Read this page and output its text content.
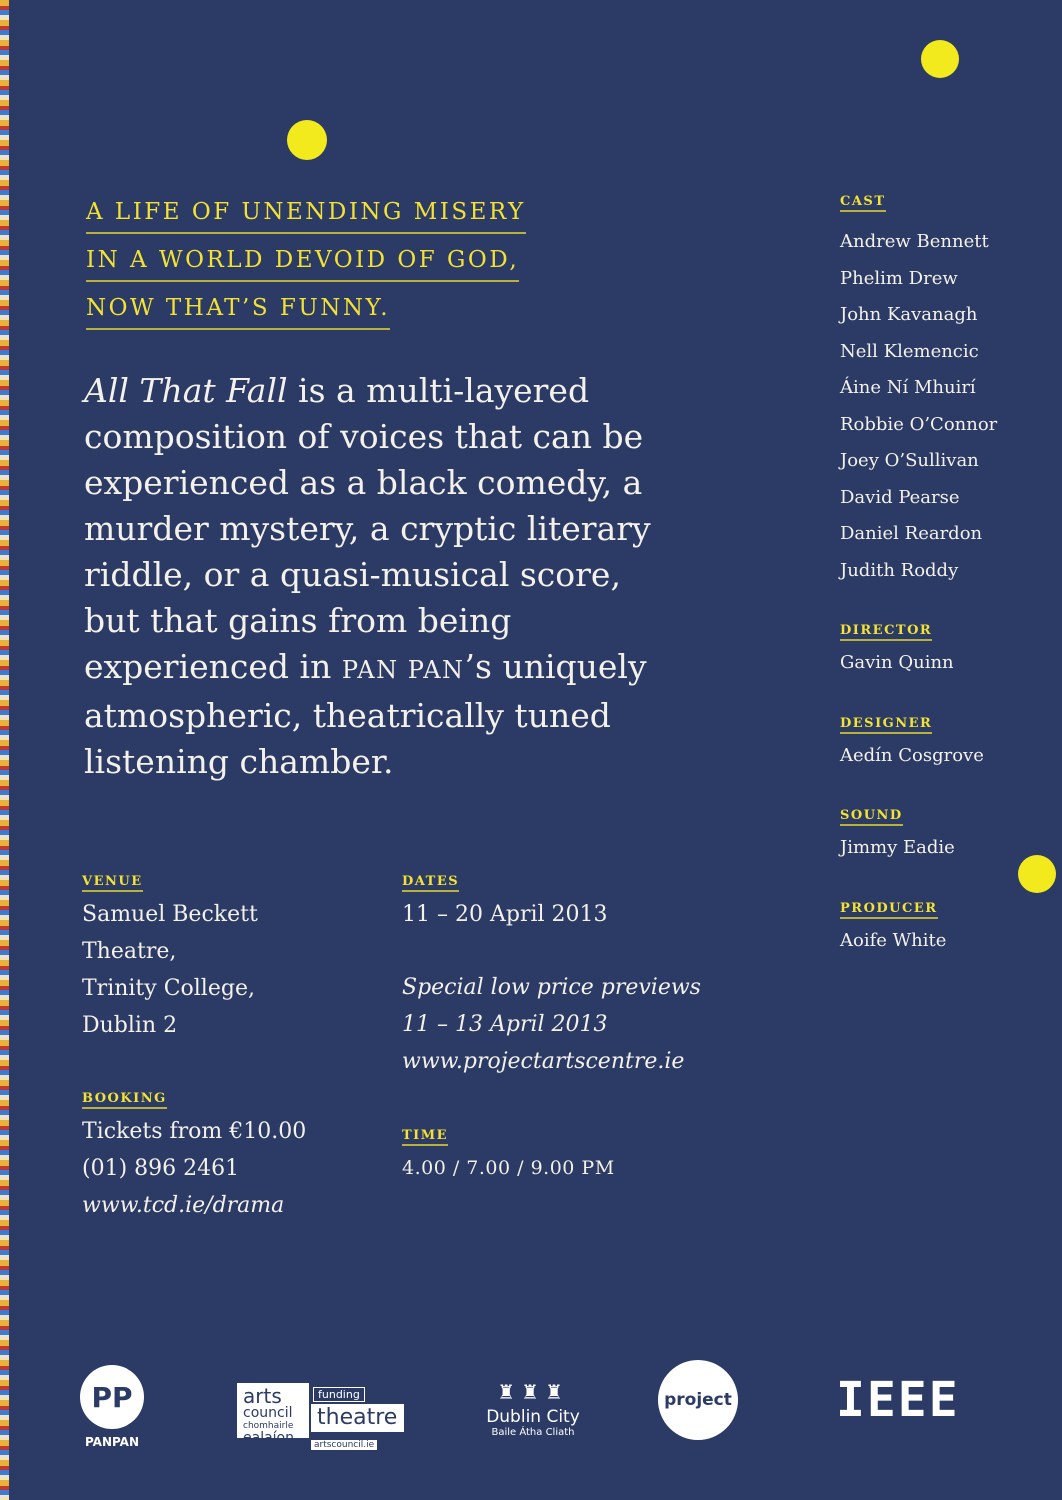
A LIFE OF UNENDING MISERY
IN A WORLD DEVOID OF GOD,
NOW THAT’S FUNNY.

All That Fall is a multi-layered composition of voices that can be experienced as a black comedy, a murder mystery, a cryptic literary riddle, or a quasi-musical score, but that gains from being experienced in PAN PAN’s uniquely atmospheric, theatrically tuned listening chamber.

VENUE
Samuel Beckett
Theatre,
Trinity College,
Dublin 2
DATES
11 – 20 April 2013
Special low price previews
11 – 13 April 2013
www.projectartscentre.ie
BOOKING
Tickets from €10.00
(01) 896 2461
www.tcd.ie/drama
TIME
4.00 / 7.00 / 9.00 PM
CAST
Andrew Bennett
Phelim Drew
John Kavanagh
Nell Klemencic
Áine Ní Mhuirí
Robbie O’Connor
Joey O’Sullivan
David Pearse
Daniel Reardon
Judith Roddy
DIRECTOR
Gavin Quinn
DESIGNER
Aedín Cosgrove
SOUND
Jimmy Eadie
PRODUCER
Aoife White
PP
PANPAN
an
arts
council
chomhairle
ealaíon
funding
theatre
artscouncil.ie
♜♜♜
Dublin City
Baile Átha Cliath
project IEEE
